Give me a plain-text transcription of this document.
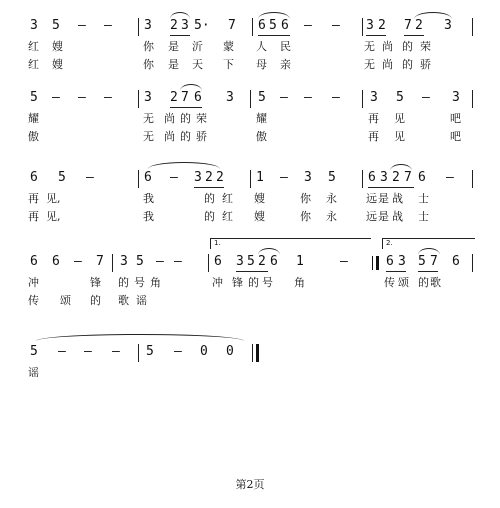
3 5 – – 3 2 3 5· 7 6 5 6 – – 3 2 7 2 3
红 嫂	你 是 沂 蒙 人 民	无 尚 的 荣
红 嫂	你 是 天 下 母 亲	无 尚 的 骄
5 – – – 3 2 7 6 3 5 – – – 3 5 – 3
耀	无 尚 的 荣	耀	再 见	吧
傲	无 尚 的 骄	傲	再 见	吧
6 5 –	6 – 3 2 2 1 – 3 5 6 3 2 7 6 –
再 见,	我	的 红 嫂	你 永	远 是 战 士
再 见,	我	的 红 嫂	你 永	远 是 战 士
1.	2.
6 6 – 7 3 5 – – 6 3 5 2 6 1	–	6 3 5 7 6
冲	锋 的 号 角	冲 锋 的 号 角	传 颂 的 歌
传 颂 的 歌 谣
5 – – – 5 – 0 0
谣
第2页
